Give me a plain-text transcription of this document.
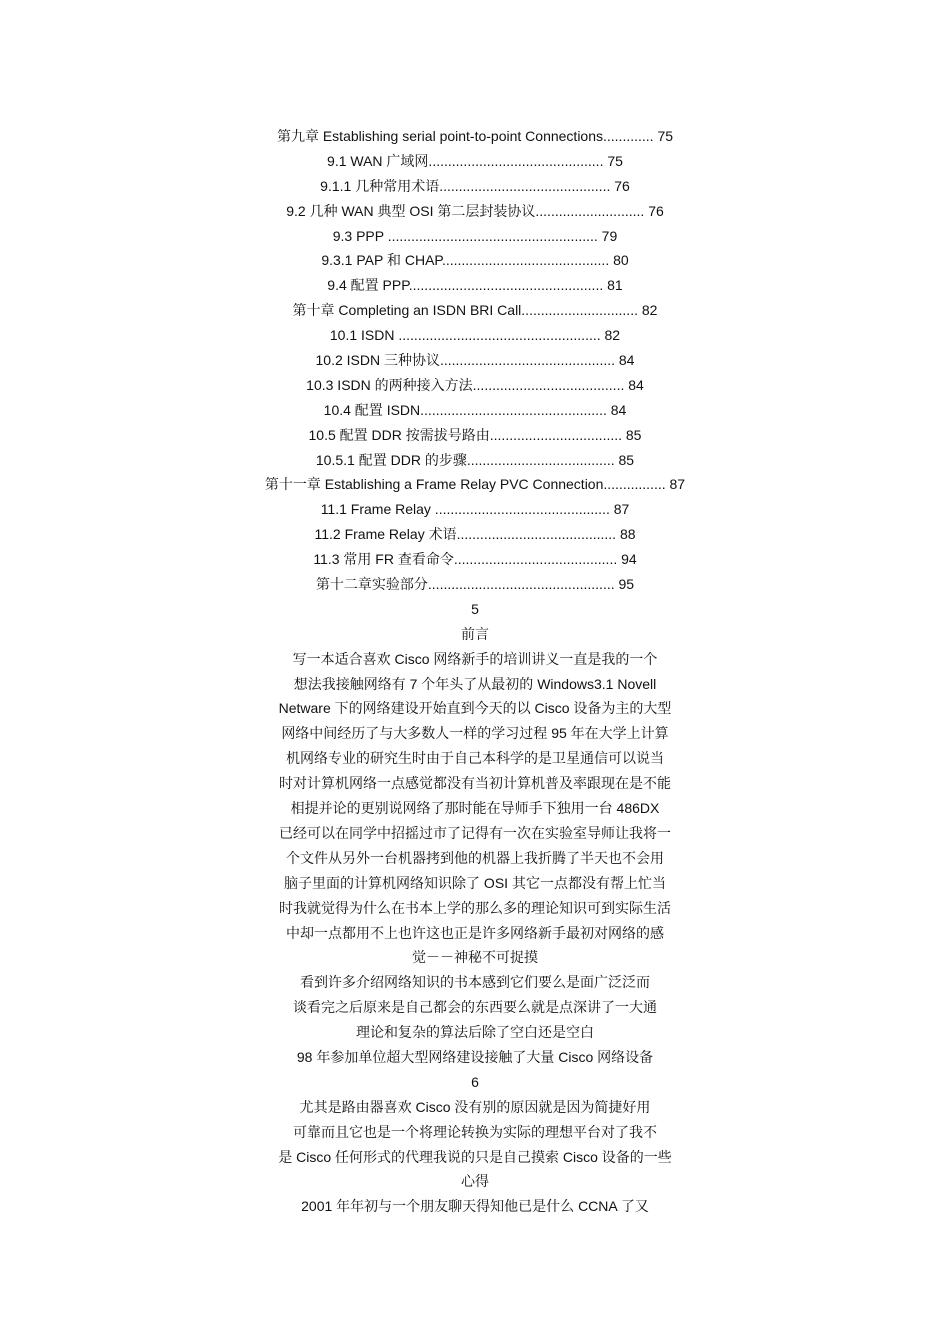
第九章 Establishing serial point-to-point Connections............. 75
9.1 WAN 广域网............................................. 75
9.1.1 几种常用术语............................................ 76
9.2 几种 WAN 典型 OSI 第二层封装协议............................ 76
9.3 PPP ...................................................... 79
9.3.1 PAP 和 CHAP........................................... 80
9.4 配置 PPP.................................................. 81
第十章 Completing an ISDN BRI Call.............................. 82
10.1 ISDN .................................................... 82
10.2 ISDN 三种协议............................................. 84
10.3 ISDN 的两种接入方法....................................... 84
10.4 配置 ISDN................................................ 84
10.5 配置 DDR 按需拔号路由.................................. 85
10.5.1 配置 DDR 的步骤...................................... 85
第十一章 Establishing a Frame Relay PVC Connection................ 87
11.1 Frame Relay ............................................. 87
11.2 Frame Relay 术语......................................... 88
11.3 常用 FR 查看命令.......................................... 94
第十二章实验部分................................................ 95
5
前言
写一本适合喜欢 Cisco 网络新手的培训讲义一直是我的一个
想法我接触网络有 7 个年头了从最初的 Windows3.1 Novell
Netware 下的网络建设开始直到今天的以 Cisco 设备为主的大型
网络中间经历了与大多数人一样的学习过程 95 年在大学上计算
机网络专业的研究生时由于自己本科学的是卫星通信可以说当
时对计算机网络一点感觉都没有当初计算机普及率跟现在是不能
相提并论的更别说网络了那时能在导师手下独用一台 486DX
已经可以在同学中招摇过市了记得有一次在实验室导师让我将一
个文件从另外一台机器拷到他的机器上我折腾了半天也不会用
脑子里面的计算机网络知识除了 OSI 其它一点都没有帮上忙当
时我就觉得为什么在书本上学的那么多的理论知识可到实际生活
中却一点都用不上也许这也正是许多网络新手最初对网络的感
觉－－神秘不可捉摸
看到许多介绍网络知识的书本感到它们要么是面广泛泛而
谈看完之后原来是自己都会的东西要么就是点深讲了一大通
理论和复杂的算法后除了空白还是空白
98 年参加单位超大型网络建设接触了大量 Cisco 网络设备
6
尤其是路由器喜欢 Cisco 没有别的原因就是因为简捷好用
可靠而且它也是一个将理论转换为实际的理想平台对了我不
是 Cisco 任何形式的代理我说的只是自己摸索 Cisco 设备的一些
心得
2001 年年初与一个朋友聊天得知他已是什么 CCNA 了又
